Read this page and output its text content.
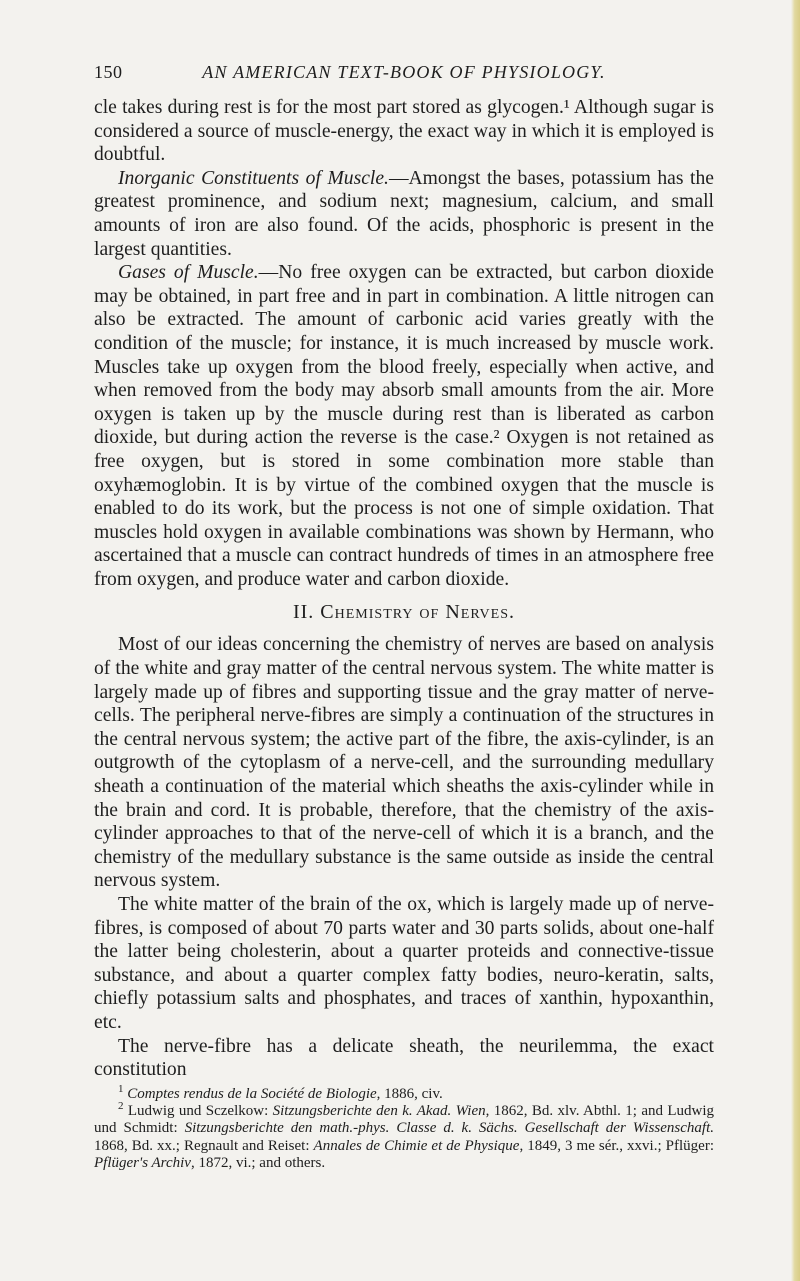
150	AN AMERICAN TEXT-BOOK OF PHYSIOLOGY.

cle takes during rest is for the most part stored as glycogen.¹ Although sugar is considered a source of muscle-energy, the exact way in which it is employed is doubtful.

Inorganic Constituents of Muscle.—Amongst the bases, potassium has the greatest prominence, and sodium next; magnesium, calcium, and small amounts of iron are also found. Of the acids, phosphoric is present in the largest quantities.

Gases of Muscle.—No free oxygen can be extracted, but carbon dioxide may be obtained, in part free and in part in combination. A little nitrogen can also be extracted. The amount of carbonic acid varies greatly with the condition of the muscle; for instance, it is much increased by muscle work. Muscles take up oxygen from the blood freely, especially when active, and when removed from the body may absorb small amounts from the air. More oxygen is taken up by the muscle during rest than is liberated as carbon dioxide, but during action the reverse is the case.² Oxygen is not retained as free oxygen, but is stored in some combination more stable than oxyhæmoglobin. It is by virtue of the combined oxygen that the muscle is enabled to do its work, but the process is not one of simple oxidation. That muscles hold oxygen in available combinations was shown by Hermann, who ascertained that a muscle can contract hundreds of times in an atmosphere free from oxygen, and produce water and carbon dioxide.

II. Chemistry of Nerves.

Most of our ideas concerning the chemistry of nerves are based on analysis of the white and gray matter of the central nervous system. The white matter is largely made up of fibres and supporting tissue and the gray matter of nerve-cells. The peripheral nerve-fibres are simply a continuation of the structures in the central nervous system; the active part of the fibre, the axis-cylinder, is an outgrowth of the cytoplasm of a nerve-cell, and the surrounding medullary sheath a continuation of the material which sheaths the axis-cylinder while in the brain and cord. It is probable, therefore, that the chemistry of the axis-cylinder approaches to that of the nerve-cell of which it is a branch, and the chemistry of the medullary substance is the same outside as inside the central nervous system.

The white matter of the brain of the ox, which is largely made up of nerve-fibres, is composed of about 70 parts water and 30 parts solids, about one-half the latter being cholesterin, about a quarter proteids and connective-tissue substance, and about a quarter complex fatty bodies, neuro-keratin, salts, chiefly potassium salts and phosphates, and traces of xanthin, hypoxanthin, etc.

The nerve-fibre has a delicate sheath, the neurilemma, the exact constitution

$^1$ Comptes rendus de la Société de Biologie, 1886, civ.

$^2$ Ludwig und Sczelkow: Sitzungsberichte den k. Akad. Wien, 1862, Bd. xlv. Abthl. 1; and Ludwig und Schmidt: Sitzungsberichte den math.-phys. Classe d. k. Sächs. Gesellschaft der Wissenschaft. 1868, Bd. xx.; Regnault and Reiset: Annales de Chimie et de Physique, 1849, 3 me sér., xxvi.; Pflüger: Pflüger's Archiv, 1872, vi.; and others.
